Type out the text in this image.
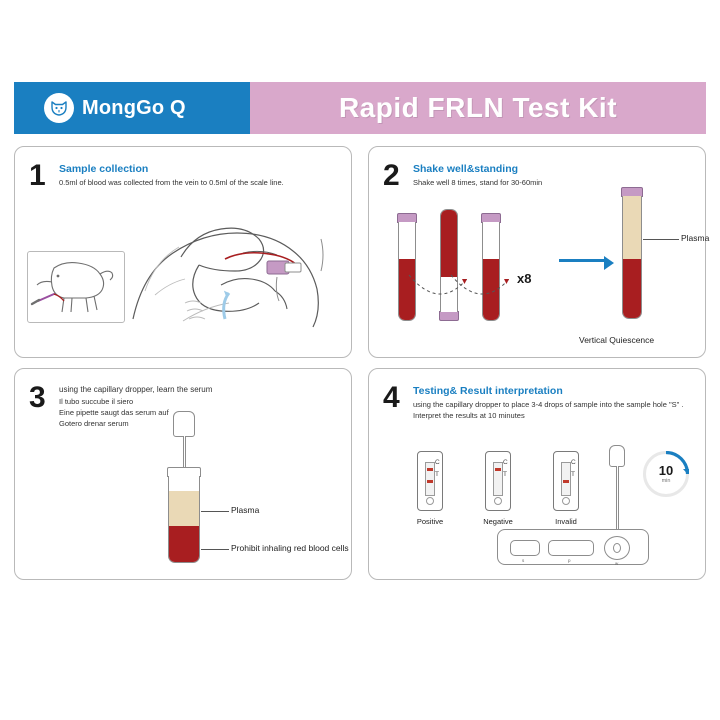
MongGo Q	Rapid FRLN Test Kit
1 Sample collection
0.5ml of blood was collected from the vein to 0.5ml of the scale line.	2 Shake well&standing
Shake well 8 times, stand for 30-60min
x8
Plasma
Vertical Quiescence
3 using the capillary dropper, learn the serum
Il tubo succube il siero
Eine pipette saugt das serum auf
Gotero drenar serum
Plasma
Prohibit inhaling red blood cells
4 Testing& Result interpretation
using the capillary dropper to place 3-4 drops of sample into the sample hole "S" .
Interpret the results at 10 minutes
C
T
Positive
C
T
Negative
C
T
Invalid
10
min
s	p
w
